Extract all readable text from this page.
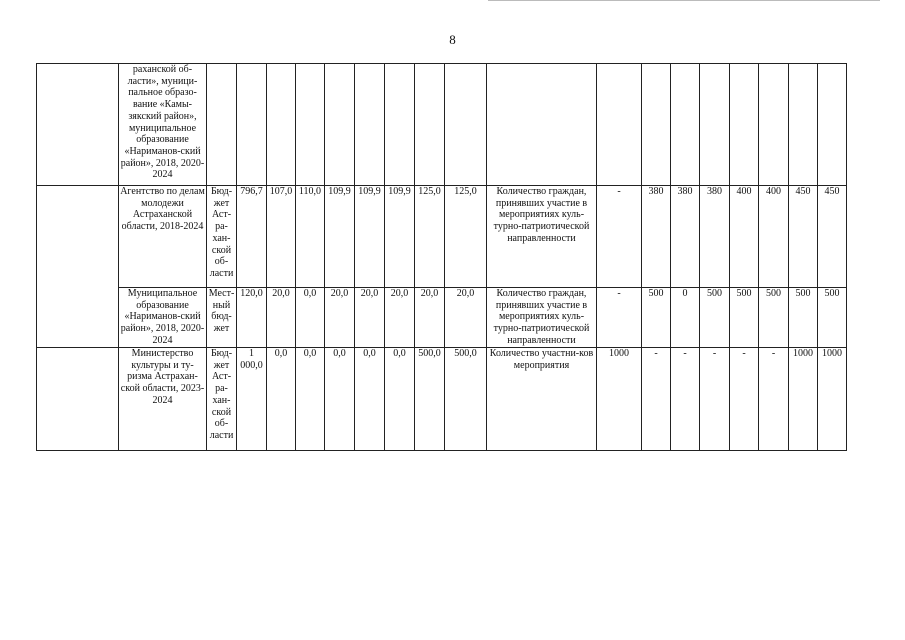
8
	раханской об-ласти», муници-пальное образо-вание «Камы-зякский район», муниципальное образование «Нариманов-ский район», 2018, 2020-2024																		
	Агентство по делам молодежи Астраханской области, 2018-2024	Бюд-жет Аст-ра-хан-ской об-ласти	796,7	107,0	110,0	109,9	109,9	109,9	125,0	125,0	Количество граждан, принявших участие в мероприятиях куль-турно-патриотической направленности	-	380	380	380	400	400	450	450
	Муниципальное образование «Нариманов-ский район», 2018, 2020-2024	Мест-ный бюд-жет	120,0	20,0	0,0	20,0	20,0	20,0	20,0	20,0	Количество граждан, принявших участие в мероприятиях куль-турно-патриотической направленности	-	500	0	500	500	500	500	500
	Министерство культуры и ту-ризма Астрахан-ской области, 2023-2024	Бюд-жет Аст-ра-хан-ской об-ласти	1 000,0	0,0	0,0	0,0	0,0	0,0	500,0	500,0	Количество участни-ков мероприятия	1000	-	-	-	-	-	1000	1000
